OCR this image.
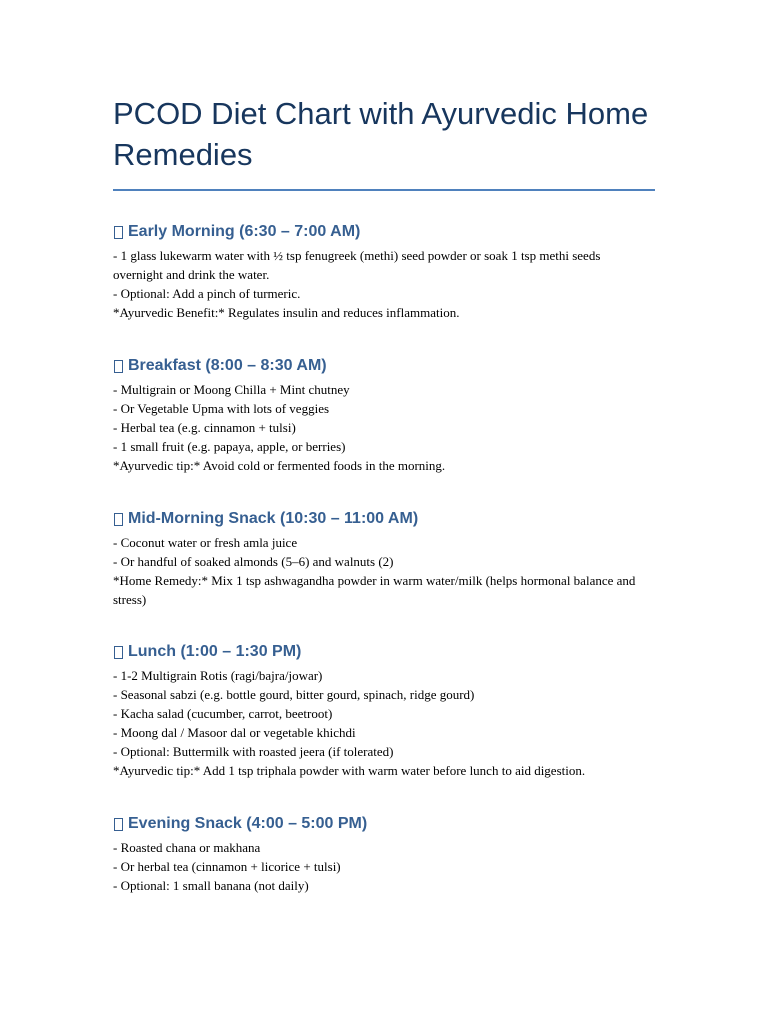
PCOD Diet Chart with Ayurvedic Home Remedies
Early Morning (6:30 – 7:00 AM)
- 1 glass lukewarm water with ½ tsp fenugreek (methi) seed powder or soak 1 tsp methi seeds overnight and drink the water.
- Optional: Add a pinch of turmeric.
*Ayurvedic Benefit:* Regulates insulin and reduces inflammation.
Breakfast (8:00 – 8:30 AM)
- Multigrain or Moong Chilla + Mint chutney
- Or Vegetable Upma with lots of veggies
- Herbal tea (e.g. cinnamon + tulsi)
- 1 small fruit (e.g. papaya, apple, or berries)
*Ayurvedic tip:* Avoid cold or fermented foods in the morning.
Mid-Morning Snack (10:30 – 11:00 AM)
- Coconut water or fresh amla juice
- Or handful of soaked almonds (5–6) and walnuts (2)
*Home Remedy:* Mix 1 tsp ashwagandha powder in warm water/milk (helps hormonal balance and stress)
Lunch (1:00 – 1:30 PM)
- 1-2 Multigrain Rotis (ragi/bajra/jowar)
- Seasonal sabzi (e.g. bottle gourd, bitter gourd, spinach, ridge gourd)
- Kacha salad (cucumber, carrot, beetroot)
- Moong dal / Masoor dal or vegetable khichdi
- Optional: Buttermilk with roasted jeera (if tolerated)
*Ayurvedic tip:* Add 1 tsp triphala powder with warm water before lunch to aid digestion.
Evening Snack (4:00 – 5:00 PM)
- Roasted chana or makhana
- Or herbal tea (cinnamon + licorice + tulsi)
- Optional: 1 small banana (not daily)
